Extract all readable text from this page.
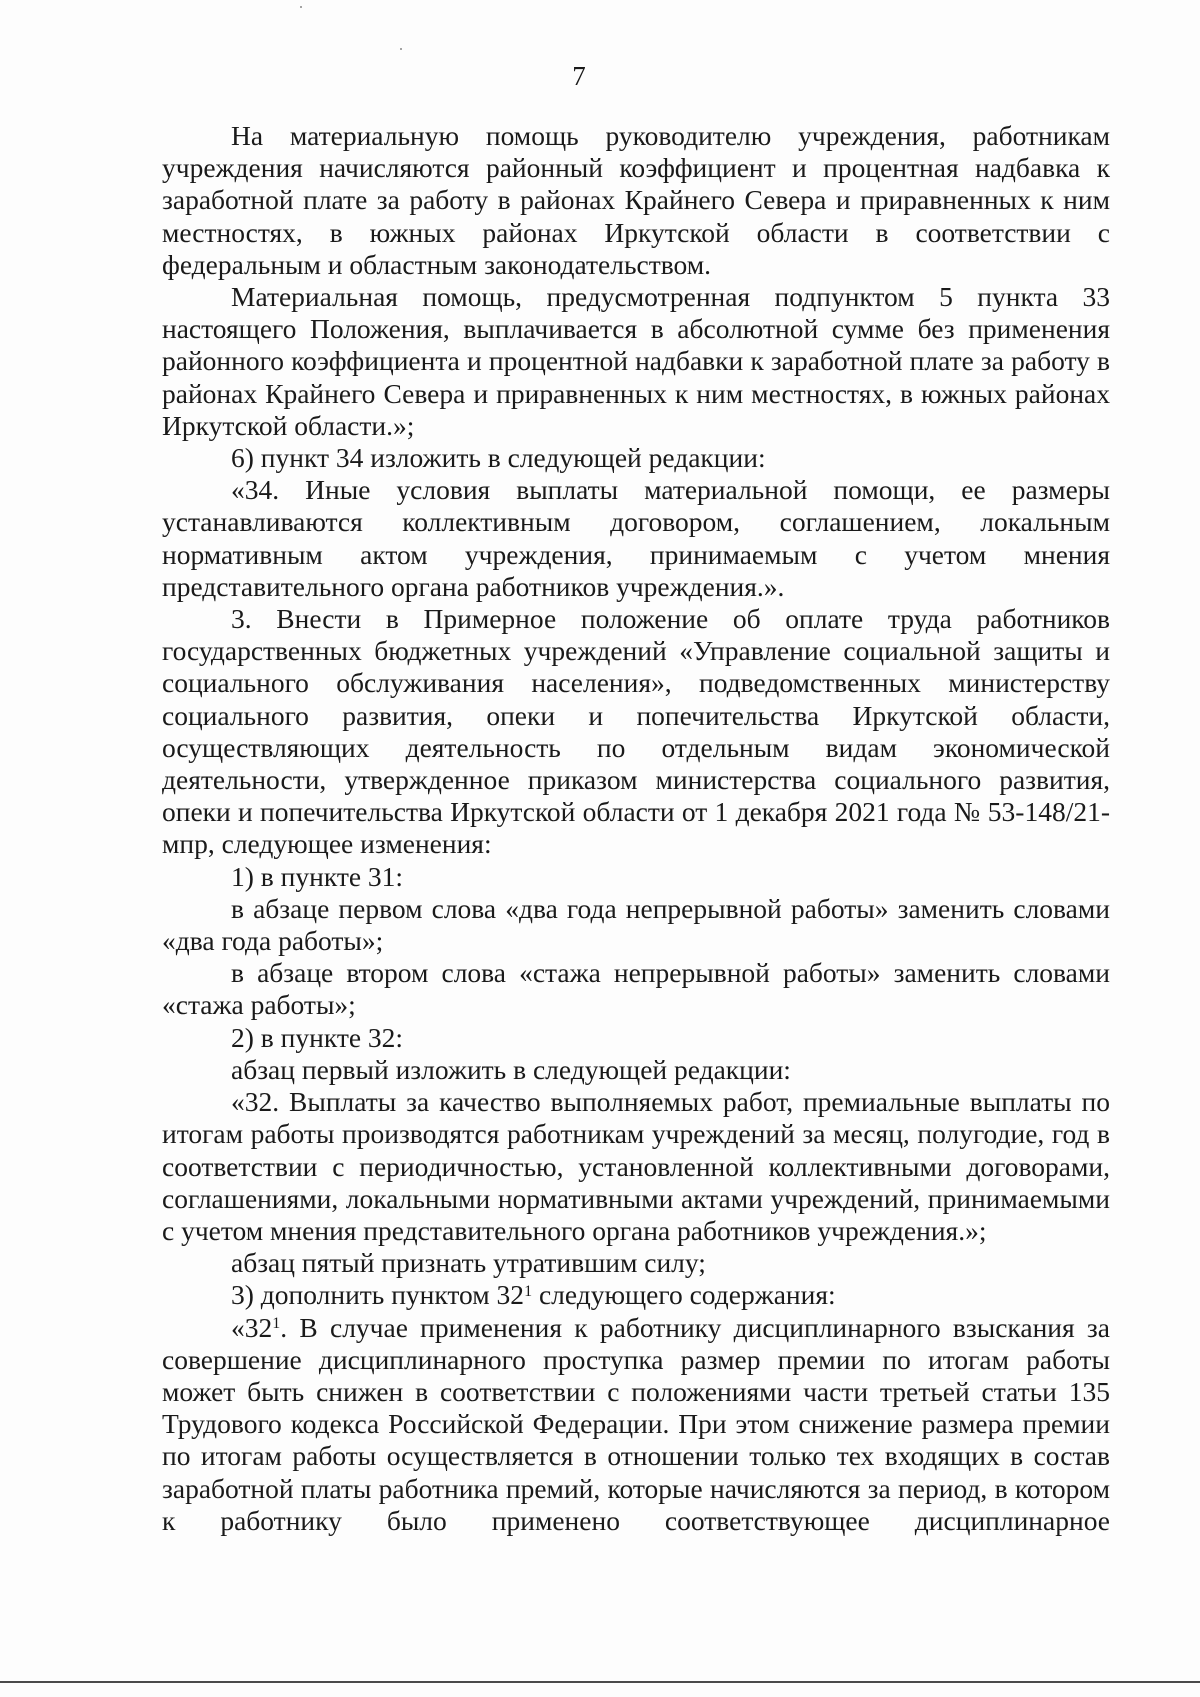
7

На материальную помощь руководителю учреждения, работникам учреждения начисляются районный коэффициент и процентная надбавка к заработной плате за работу в районах Крайнего Севера и приравненных к ним местностях, в южных районах Иркутской области в соответствии с федеральным и областным законодательством.

Материальная помощь, предусмотренная подпунктом 5 пункта 33 настоящего Положения, выплачивается в абсолютной сумме без применения районного коэффициента и процентной надбавки к заработной плате за работу в районах Крайнего Севера и приравненных к ним местностях, в южных районах Иркутской области.»;

6) пункт 34 изложить в следующей редакции:

«34. Иные условия выплаты материальной помощи, ее размеры устанавливаются коллективным договором, соглашением, локальным нормативным актом учреждения, принимаемым с учетом мнения представительного органа работников учреждения.».

3. Внести в Примерное положение об оплате труда работников государственных бюджетных учреждений «Управление социальной защиты и социального обслуживания населения», подведомственных министерству социального развития, опеки и попечительства Иркутской области, осуществляющих деятельность по отдельным видам экономической деятельности, утвержденное приказом министерства социального развития, опеки и попечительства Иркутской области от 1 декабря 2021 года № 53-148/21-мпр, следующее изменения:

1) в пункте 31:

в абзаце первом слова «два года непрерывной работы» заменить словами «два года работы»;

в абзаце втором слова «стажа непрерывной работы» заменить словами «стажа работы»;

2) в пункте 32:

абзац первый изложить в следующей редакции:

«32. Выплаты за качество выполняемых работ, премиальные выплаты по итогам работы производятся работникам учреждений за месяц, полугодие, год в соответствии с периодичностью, установленной коллективными договорами, соглашениями, локальными нормативными актами учреждений, принимаемыми с учетом мнения представительного органа работников учреждения.»;

абзац пятый признать утратившим силу;

3) дополнить пунктом $32^1$ следующего содержания:

«$32^1$. В случае применения к работнику дисциплинарного взыскания за совершение дисциплинарного проступка размер премии по итогам работы может быть снижен в соответствии с положениями части третьей статьи 135 Трудового кодекса Российской Федерации. При этом снижение размера премии по итогам работы осуществляется в отношении только тех входящих в состав заработной платы работника премий, которые начисляются за период, в котором к работнику было применено соответствующее дисциплинарное
